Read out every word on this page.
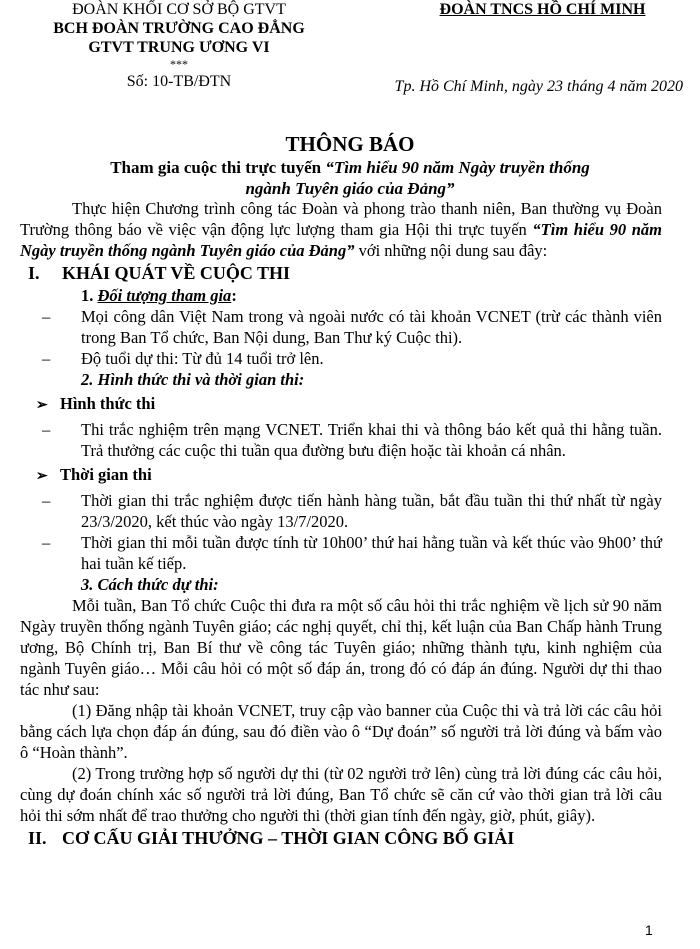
ĐOÀN KHỐI CƠ SỞ BỘ GTVT
BCH ĐOÀN TRƯỜNG CAO ĐẲNG
GTVT TRUNG ƯƠNG VI
***
Số: 10-TB/ĐTN
ĐOÀN TNCS HỒ CHÍ MINH
Tp. Hồ Chí Minh, ngày 23 tháng 4 năm 2020
THÔNG BÁO
Tham gia cuộc thi trực tuyến “Tìm hiểu 90 năm Ngày truyền thống
ngành Tuyên giáo của Đảng”

Thực hiện Chương trình công tác Đoàn và phong trào thanh niên, Ban thường vụ Đoàn Trường thông báo về việc vận động lực lượng tham gia Hội thi trực tuyến “Tìm hiểu 90 năm Ngày truyền thống ngành Tuyên giáo của Đảng” với những nội dung sau đây:

I. KHÁI QUÁT VỀ CUỘC THI
1. Đối tượng tham gia:

–	Mọi công dân Việt Nam trong và ngoài nước có tài khoản VCNET (trừ các thành viên trong Ban Tổ chức, Ban Nội dung, Ban Thư ký Cuộc thi).

–	Độ tuổi dự thi: Từ đủ 14 tuổi trở lên.

2. Hình thức thi và thời gian thi:
➢ Hình thức thi

–	Thi trắc nghiệm trên mạng VCNET. Triển khai thi và thông báo kết quả thi hằng tuần. Trả thưởng các cuộc thi tuần qua đường bưu điện hoặc tài khoản cá nhân.

➢ Thời gian thi

–	Thời gian thi trắc nghiệm được tiến hành hàng tuần, bắt đầu tuần thi thứ nhất từ ngày 23/3/2020, kết thúc vào ngày 13/7/2020.

–	Thời gian thi mỗi tuần được tính từ 10h00’ thứ hai hằng tuần và kết thúc vào 9h00’ thứ hai tuần kế tiếp.

3. Cách thức dự thi:

Mỗi tuần, Ban Tổ chức Cuộc thi đưa ra một số câu hỏi thi trắc nghiệm về lịch sử 90 năm Ngày truyền thống ngành Tuyên giáo; các nghị quyết, chỉ thị, kết luận của Ban Chấp hành Trung ương, Bộ Chính trị, Ban Bí thư về công tác Tuyên giáo; những thành tựu, kinh nghiệm của ngành Tuyên giáo… Mỗi câu hỏi có một số đáp án, trong đó có đáp án đúng. Người dự thi thao tác như sau:

(1) Đăng nhập tài khoản VCNET, truy cập vào banner của Cuộc thi và trả lời các câu hỏi bằng cách lựa chọn đáp án đúng, sau đó điền vào ô “Dự đoán” số người trả lời đúng và bấm vào ô “Hoàn thành”.

(2) Trong trường hợp số người dự thi (từ 02 người trở lên) cùng trả lời đúng các câu hỏi, cùng dự đoán chính xác số người trả lời đúng, Ban Tổ chức sẽ căn cứ vào thời gian trả lời câu hỏi thi sớm nhất để trao thưởng cho người thi (thời gian tính đến ngày, giờ, phút, giây).

II. CƠ CẤU GIẢI THƯỞNG – THỜI GIAN CÔNG BỐ GIẢI
1
